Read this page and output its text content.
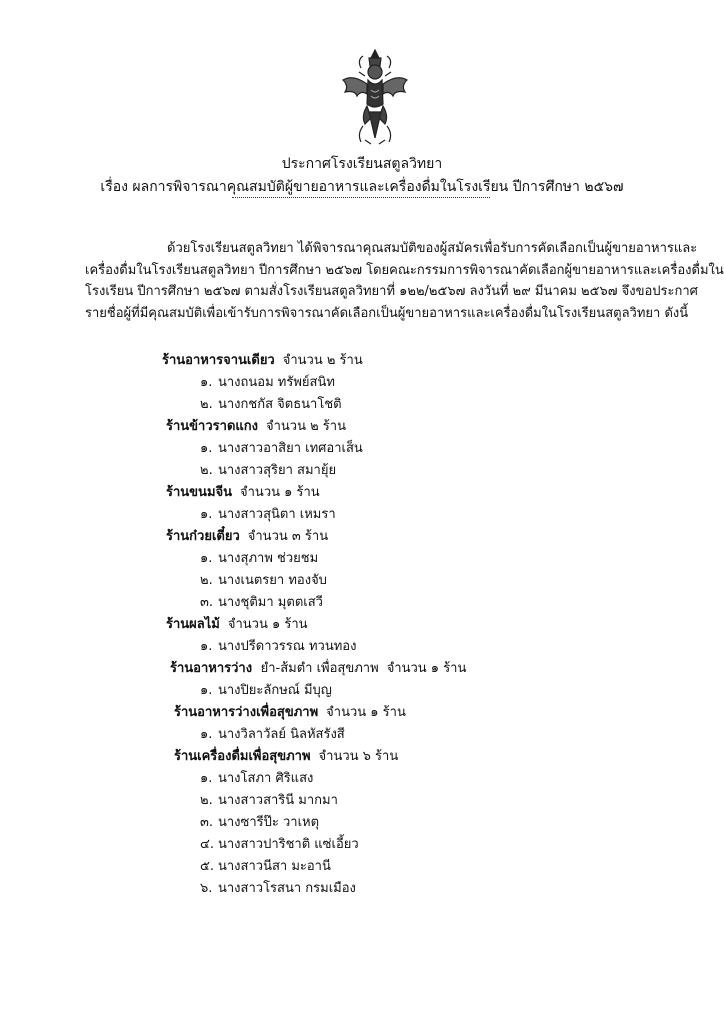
ประกาศโรงเรียนสตูลวิทยา
เรื่อง ผลการพิจารณาคุณสมบัติผู้ขายอาหารและเครื่องดื่มในโรงเรียน ปีการศึกษา ๒๕๖๗
ด้วยโรงเรียนสตูลวิทยา ได้พิจารณาคุณสมบัติของผู้สมัครเพื่อรับการคัดเลือกเป็นผู้ขายอาหารและ
เครื่องดื่มในโรงเรียนสตูลวิทยา ปีการศึกษา ๒๕๖๗ โดยคณะกรรมการพิจารณาคัดเลือกผู้ขายอาหารและเครื่องดื่มใน
โรงเรียน ปีการศึกษา ๒๕๖๗ ตามสั่งโรงเรียนสตูลวิทยาที่ ๑๒๒/๒๕๖๗ ลงวันที่ ๒๙ มีนาคม ๒๕๖๗ จึงขอประกาศ
รายชื่อผู้ที่มีคุณสมบัติเพื่อเข้ารับการพิจารณาคัดเลือกเป็นผู้ขายอาหารและเครื่องดื่มในโรงเรียนสตูลวิทยา ดังนี้
ร้านอาหารจานเดียว จำนวน ๒ ร้าน
๑. นางถนอม ทรัพย์สนิท
๒. นางกชกัส จิตธนาโชติ
ร้านข้าวราดแกง จำนวน ๒ ร้าน
๑. นางสาวอาสิยา เทศอาเส็น
๒. นางสาวสุริยา สมายุ้ย
ร้านขนมจีน จำนวน ๑ ร้าน
๑. นางสาวสุนิตา เหมรา
ร้านก๋วยเตี๋ยว จำนวน ๓ ร้าน
๑. นางสุภาพ ช่วยชม
๒. นางเนตรยา ทองจับ
๓. นางชุติมา มุตตเสวี
ร้านผลไม้ จำนวน ๑ ร้าน
๑. นางปรีดาวรรณ ทวนทอง
ร้านอาหารว่าง ยำ-ส้มตำ เพื่อสุขภาพ จำนวน ๑ ร้าน
๑. นางปิยะลักษณ์ มีบุญ
ร้านอาหารว่างเพื่อสุขภาพ จำนวน ๑ ร้าน
๑. นางวิลาวัลย์ นิลหัสรังสี
ร้านเครื่องดื่มเพื่อสุขภาพ จำนวน ๖ ร้าน
๑. นางโสภา ศิริแสง
๒. นางสาวสารินี มากมา
๓. นางซารีป๊ะ วาเหตุ
๔. นางสาวปาริชาติ แซ่เอี้ยว
๕. นางสาวนีสา มะอานี
๖. นางสาวโรสนา กรมเมือง
